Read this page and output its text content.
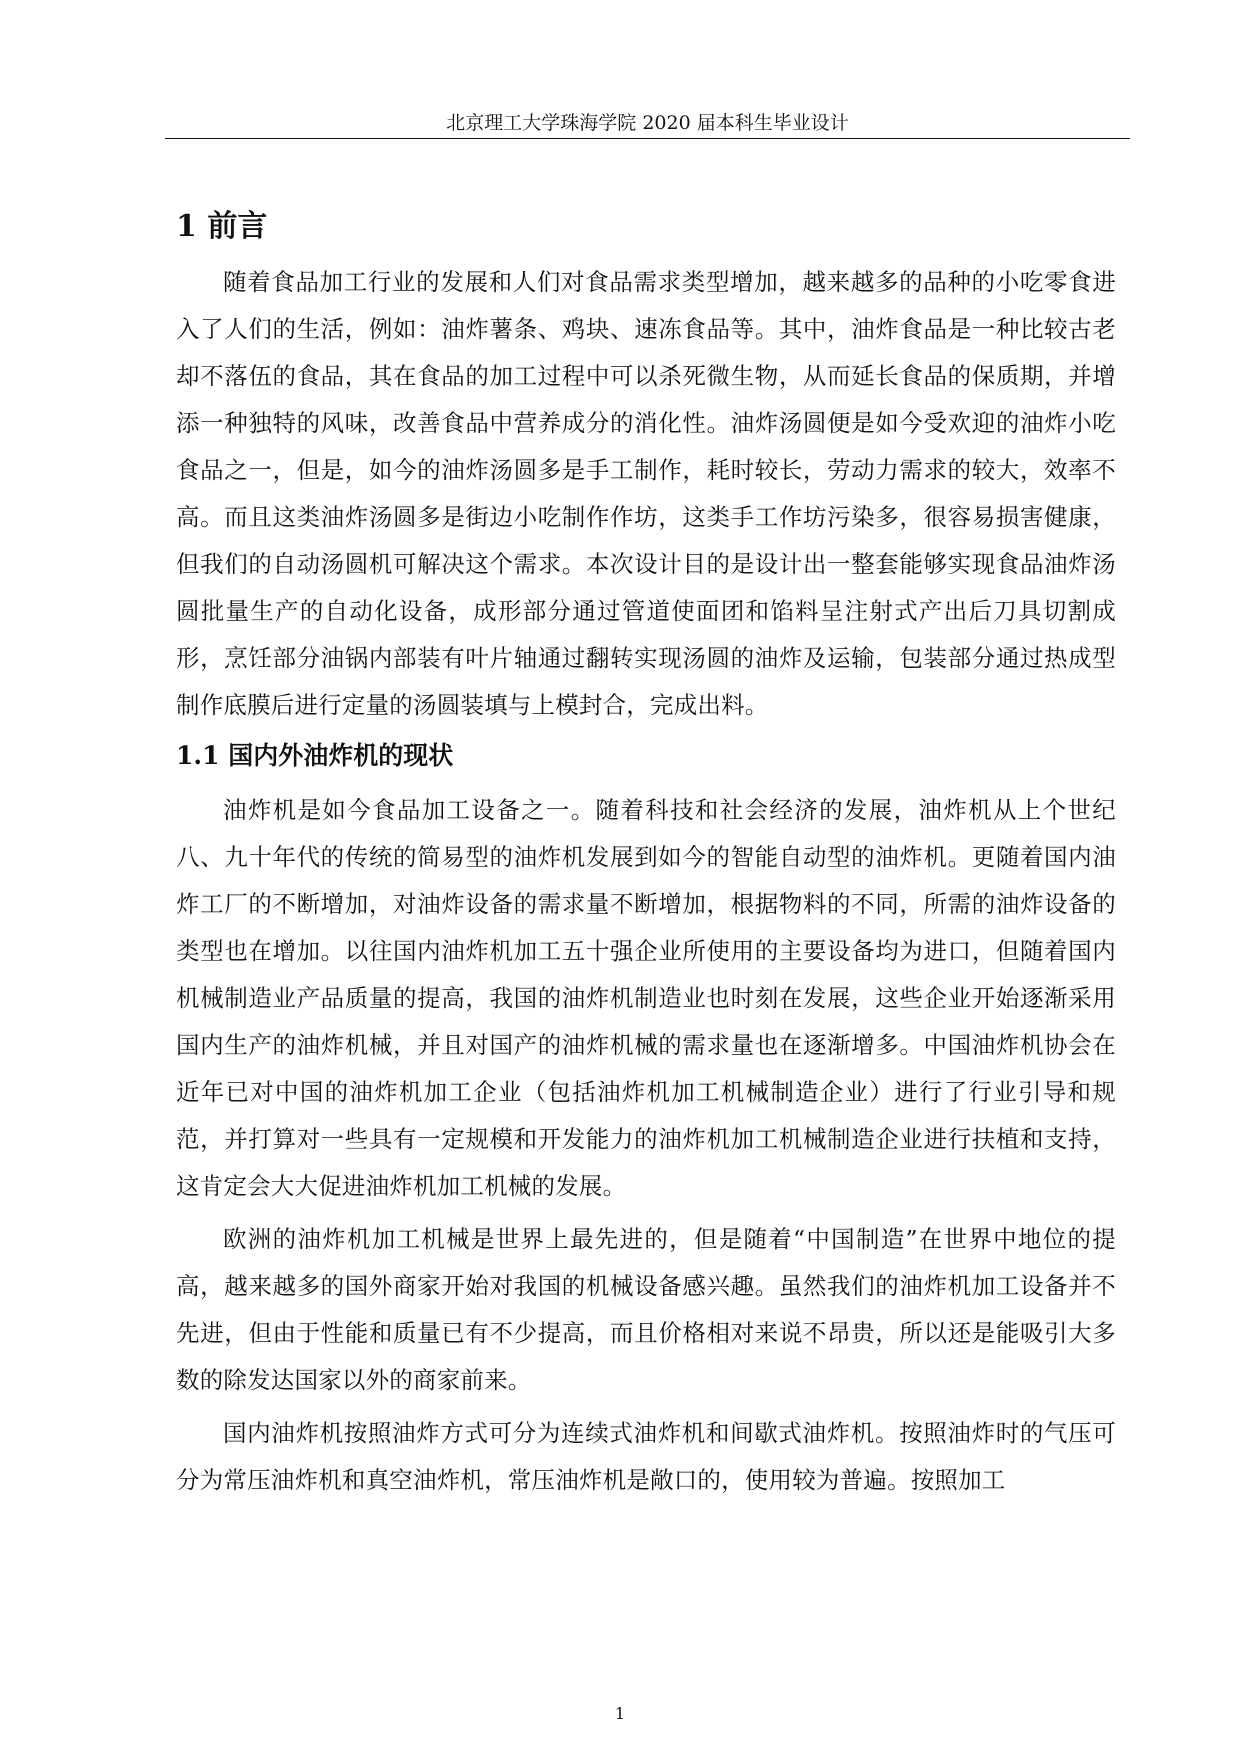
北京理工大学珠海学院 2020 届本科生毕业设计
1 前言

随着食品加工行业的发展和人们对食品需求类型增加，越来越多的品种的小吃零食进入了人们的生活，例如：油炸薯条、鸡块、速冻食品等。其中，油炸食品是一种比较古老却不落伍的食品，其在食品的加工过程中可以杀死微生物，从而延长食品的保质期，并增添一种独特的风味，改善食品中营养成分的消化性。油炸汤圆便是如今受欢迎的油炸小吃食品之一，但是，如今的油炸汤圆多是手工制作，耗时较长，劳动力需求的较大，效率不高。而且这类油炸汤圆多是街边小吃制作作坊，这类手工作坊污染多，很容易损害健康，但我们的自动汤圆机可解决这个需求。本次设计目的是设计出一整套能够实现食品油炸汤圆批量生产的自动化设备，成形部分通过管道使面团和馅料呈注射式产出后刀具切割成形，烹饪部分油锅内部装有叶片轴通过翻转实现汤圆的油炸及运输，包装部分通过热成型制作底膜后进行定量的汤圆装填与上模封合，完成出料。

1.1 国内外油炸机的现状

油炸机是如今食品加工设备之一。随着科技和社会经济的发展，油炸机从上个世纪八、九十年代的传统的简易型的油炸机发展到如今的智能自动型的油炸机。更随着国内油炸工厂的不断增加，对油炸设备的需求量不断增加，根据物料的不同，所需的油炸设备的类型也在增加。以往国内油炸机加工五十强企业所使用的主要设备均为进口，但随着国内机械制造业产品质量的提高，我国的油炸机制造业也时刻在发展，这些企业开始逐渐采用国内生产的油炸机械，并且对国产的油炸机械的需求量也在逐渐增多。中国油炸机协会在近年已对中国的油炸机加工企业（包括油炸机加工机械制造企业）进行了行业引导和规范，并打算对一些具有一定规模和开发能力的油炸机加工机械制造企业进行扶植和支持，这肯定会大大促进油炸机加工机械的发展。

欧洲的油炸机加工机械是世界上最先进的，但是随着“中国制造”在世界中地位的提高，越来越多的国外商家开始对我国的机械设备感兴趣。虽然我们的油炸机加工设备并不先进，但由于性能和质量已有不少提高，而且价格相对来说不昂贵，所以还是能吸引大多数的除发达国家以外的商家前来。

国内油炸机按照油炸方式可分为连续式油炸机和间歇式油炸机。按照油炸时的气压可分为常压油炸机和真空油炸机，常压油炸机是敞口的，使用较为普遍。按照加工

1
